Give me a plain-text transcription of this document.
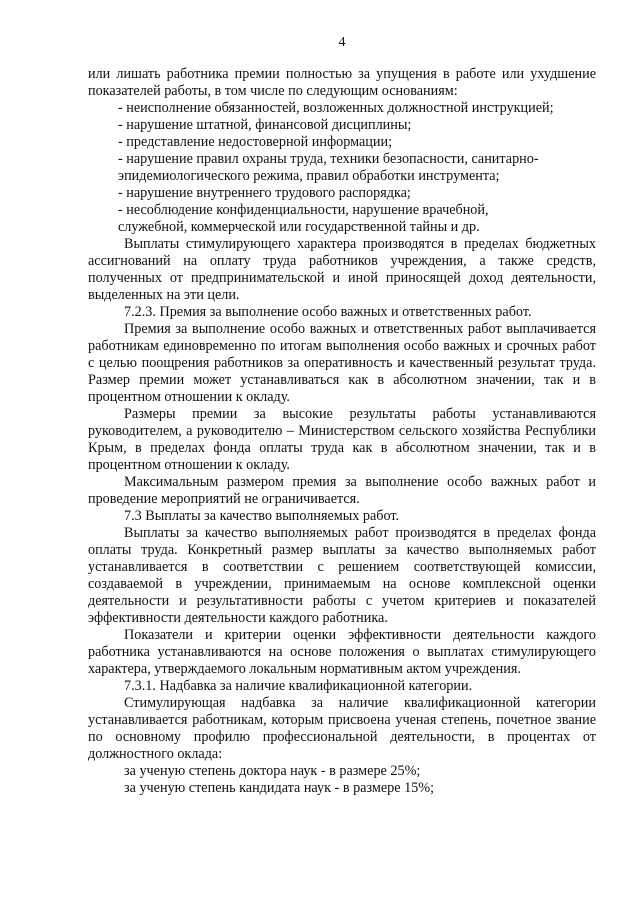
4

или лишать работника премии полностью за упущения в работе или ухудшение показателей работы, в том числе по следующим основаниям:

- неисполнение обязанностей, возложенных должностной инструкцией;

- нарушение штатной, финансовой дисциплины;

- представление недостоверной информации;

- нарушение правил охраны труда, техники безопасности, санитарно-

эпидемиологического режима, правил обработки инструмента;

- нарушение внутреннего трудового распорядка;

- несоблюдение конфиденциальности, нарушение врачебной,

служебной, коммерческой или государственной тайны и др.

Выплаты стимулирующего характера производятся в пределах бюджетных ассигнований на оплату труда работников учреждения, а также средств, полученных от предпринимательской и иной приносящей доход деятельности, выделенных на эти цели.

7.2.3. Премия за выполнение особо важных и ответственных работ.

Премия за выполнение особо важных и ответственных работ выплачивается работникам единовременно по итогам выполнения особо важных и срочных работ с целью поощрения работников за оперативность и качественный результат труда. Размер премии может устанавливаться как в абсолютном значении, так и в процентном отношении к окладу.

Размеры премии за высокие результаты работы устанавливаются руководителем, а руководителю – Министерством сельского хозяйства Республики Крым, в пределах фонда оплаты труда как в абсолютном значении, так и в процентном отношении к окладу.

Максимальным размером премия за выполнение особо важных работ и проведение мероприятий не ограничивается.

7.3 Выплаты за качество выполняемых работ.

Выплаты за качество выполняемых работ производятся в пределах фонда оплаты труда. Конкретный размер выплаты за качество выполняемых работ устанавливается в соответствии с решением соответствующей комиссии, создаваемой в учреждении, принимаемым на основе комплексной оценки деятельности и результативности работы с учетом критериев и показателей эффективности деятельности каждого работника.

Показатели и критерии оценки эффективности деятельности каждого работника устанавливаются на основе положения о выплатах стимулирующего характера, утверждаемого локальным нормативным актом учреждения.

7.3.1. Надбавка за наличие квалификационной категории.

Стимулирующая надбавка за наличие квалификационной категории устанавливается работникам, которым присвоена ученая степень, почетное звание по основному профилю профессиональной деятельности, в процентах от должностного оклада:

за ученую степень доктора наук - в размере 25%;

за ученую степень кандидата наук - в размере 15%;
